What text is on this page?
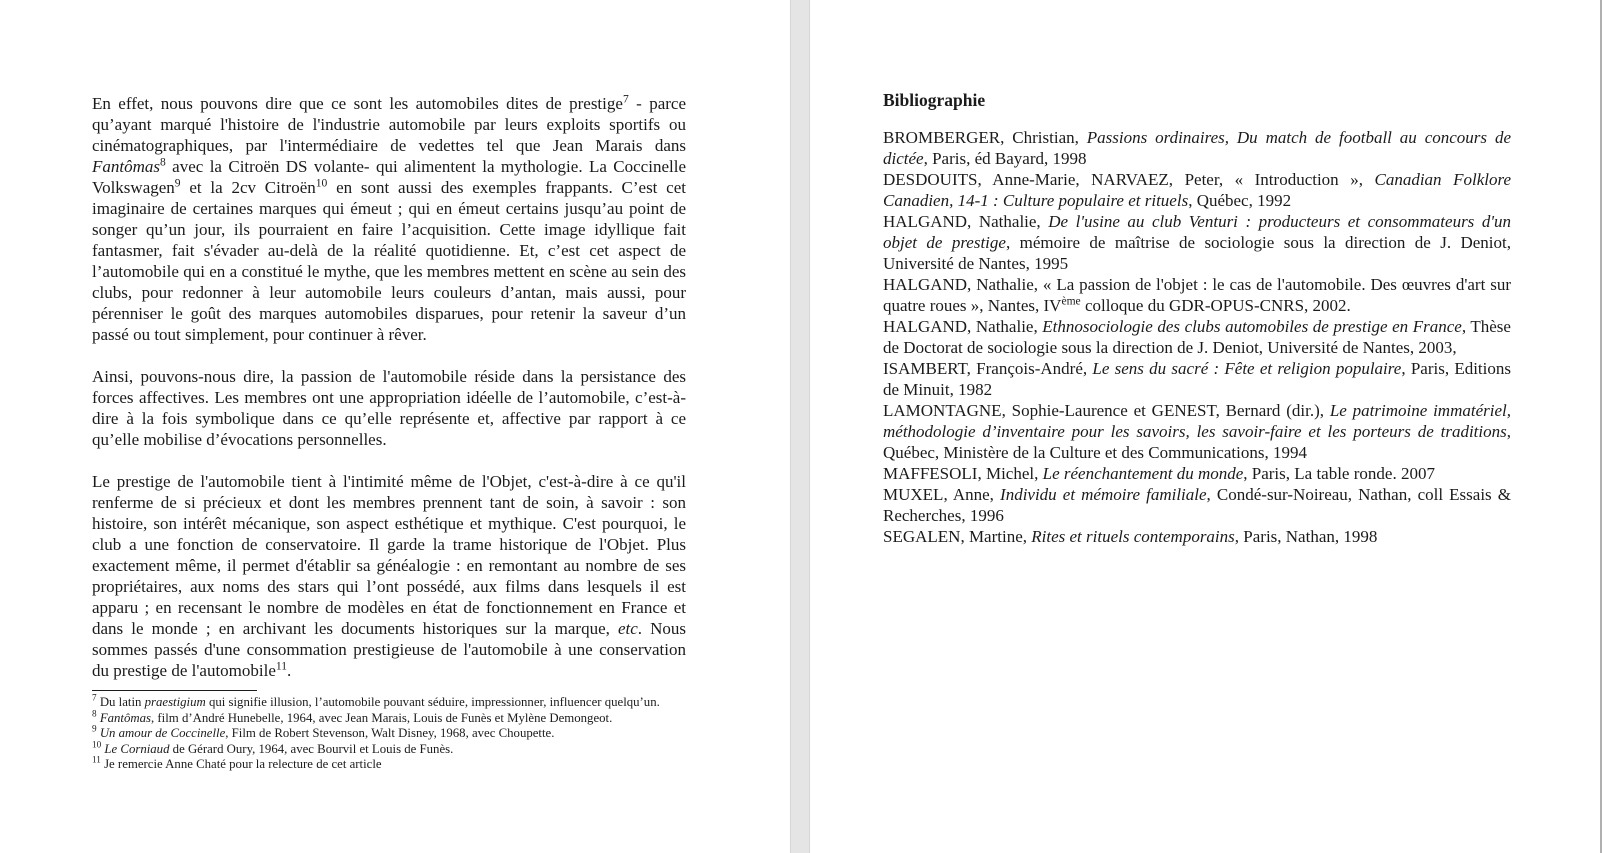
En effet, nous pouvons dire que ce sont les automobiles dites de prestige$^7$ - parce qu’ayant marqué l'histoire de l'industrie automobile par leurs exploits sportifs ou cinématographiques, par l'intermédiaire de vedettes tel que Jean Marais dans Fantômas$^8$ avec la Citroën DS volante- qui alimentent la mythologie. La Coccinelle Volkswagen$^9$ et la 2cv Citroën$^{10}$ en sont aussi des exemples frappants. C’est cet imaginaire de certaines marques qui émeut ; qui en émeut certains jusqu’au point de songer qu’un jour, ils pourraient en faire l’acquisition. Cette image idyllique fait fantasmer, fait s'évader au-delà de la réalité quotidienne. Et, c’est cet aspect de l’automobile qui en a constitué le mythe, que les membres mettent en scène au sein des clubs, pour redonner à leur automobile leurs couleurs d’antan, mais aussi, pour pérenniser le goût des marques automobiles disparues, pour retenir la saveur d’un passé ou tout simplement, pour continuer à rêver.

Ainsi, pouvons-nous dire, la passion de l'automobile réside dans la persistance des forces affectives. Les membres ont une appropriation idéelle de l’automobile, c’est-à-dire à la fois symbolique dans ce qu’elle représente et, affective par rapport à ce qu’elle mobilise d’évocations personnelles.

Le prestige de l'automobile tient à l'intimité même de l'Objet, c'est-à-dire à ce qu'il renferme de si précieux et dont les membres prennent tant de soin, à savoir : son histoire, son intérêt mécanique, son aspect esthétique et mythique. C'est pourquoi, le club a une fonction de conservatoire. Il garde la trame historique de l'Objet. Plus exactement même, il permet d'établir sa généalogie : en remontant au nombre de ses propriétaires, aux noms des stars qui l’ont possédé, aux films dans lesquels il est apparu ; en recensant le nombre de modèles en état de fonctionnement en France et dans le monde ; en archivant les documents historiques sur la marque, etc. Nous sommes passés d'une consommation prestigieuse de l'automobile à une conservation du prestige de l'automobile$^{11}$.

$^7$ Du latin praestigium qui signifie illusion, l’automobile pouvant séduire, impressionner, influencer quelqu’un.
$^8$ Fantômas, film d’André Hunebelle, 1964, avec Jean Marais, Louis de Funès et Mylène Demongeot.
$^9$ Un amour de Coccinelle, Film de Robert Stevenson, Walt Disney, 1968, avec Choupette.
$^{10}$ Le Corniaud de Gérard Oury, 1964, avec Bourvil et Louis de Funès.
$^{11}$ Je remercie Anne Chaté pour la relecture de cet article
Bibliographie

BROMBERGER, Christian, Passions ordinaires, Du match de football au concours de dictée, Paris, éd Bayard, 1998

DESDOUITS, Anne-Marie, NARVAEZ, Peter, « Introduction », Canadian Folklore Canadien, 14-1 : Culture populaire et rituels, Québec, 1992

HALGAND, Nathalie, De l'usine au club Venturi : producteurs et consommateurs d'un objet de prestige, mémoire de maîtrise de sociologie sous la direction de J. Deniot, Université de Nantes, 1995

HALGAND, Nathalie, « La passion de l'objet : le cas de l'automobile. Des œuvres d'art sur quatre roues », Nantes, IVème colloque du GDR-OPUS-CNRS, 2002.

HALGAND, Nathalie, Ethnosociologie des clubs automobiles de prestige en France, Thèse de Doctorat de sociologie sous la direction de J. Deniot, Université de Nantes, 2003,

ISAMBERT, François-André, Le sens du sacré : Fête et religion populaire, Paris, Editions de Minuit, 1982

LAMONTAGNE, Sophie-Laurence et GENEST, Bernard (dir.), Le patrimoine immatériel, méthodologie d’inventaire pour les savoirs, les savoir-faire et les porteurs de traditions, Québec, Ministère de la Culture et des Communications, 1994

MAFFESOLI, Michel, Le réenchantement du monde, Paris, La table ronde. 2007

MUXEL, Anne, Individu et mémoire familiale, Condé-sur-Noireau, Nathan, coll Essais & Recherches, 1996

SEGALEN, Martine, Rites et rituels contemporains, Paris, Nathan, 1998
